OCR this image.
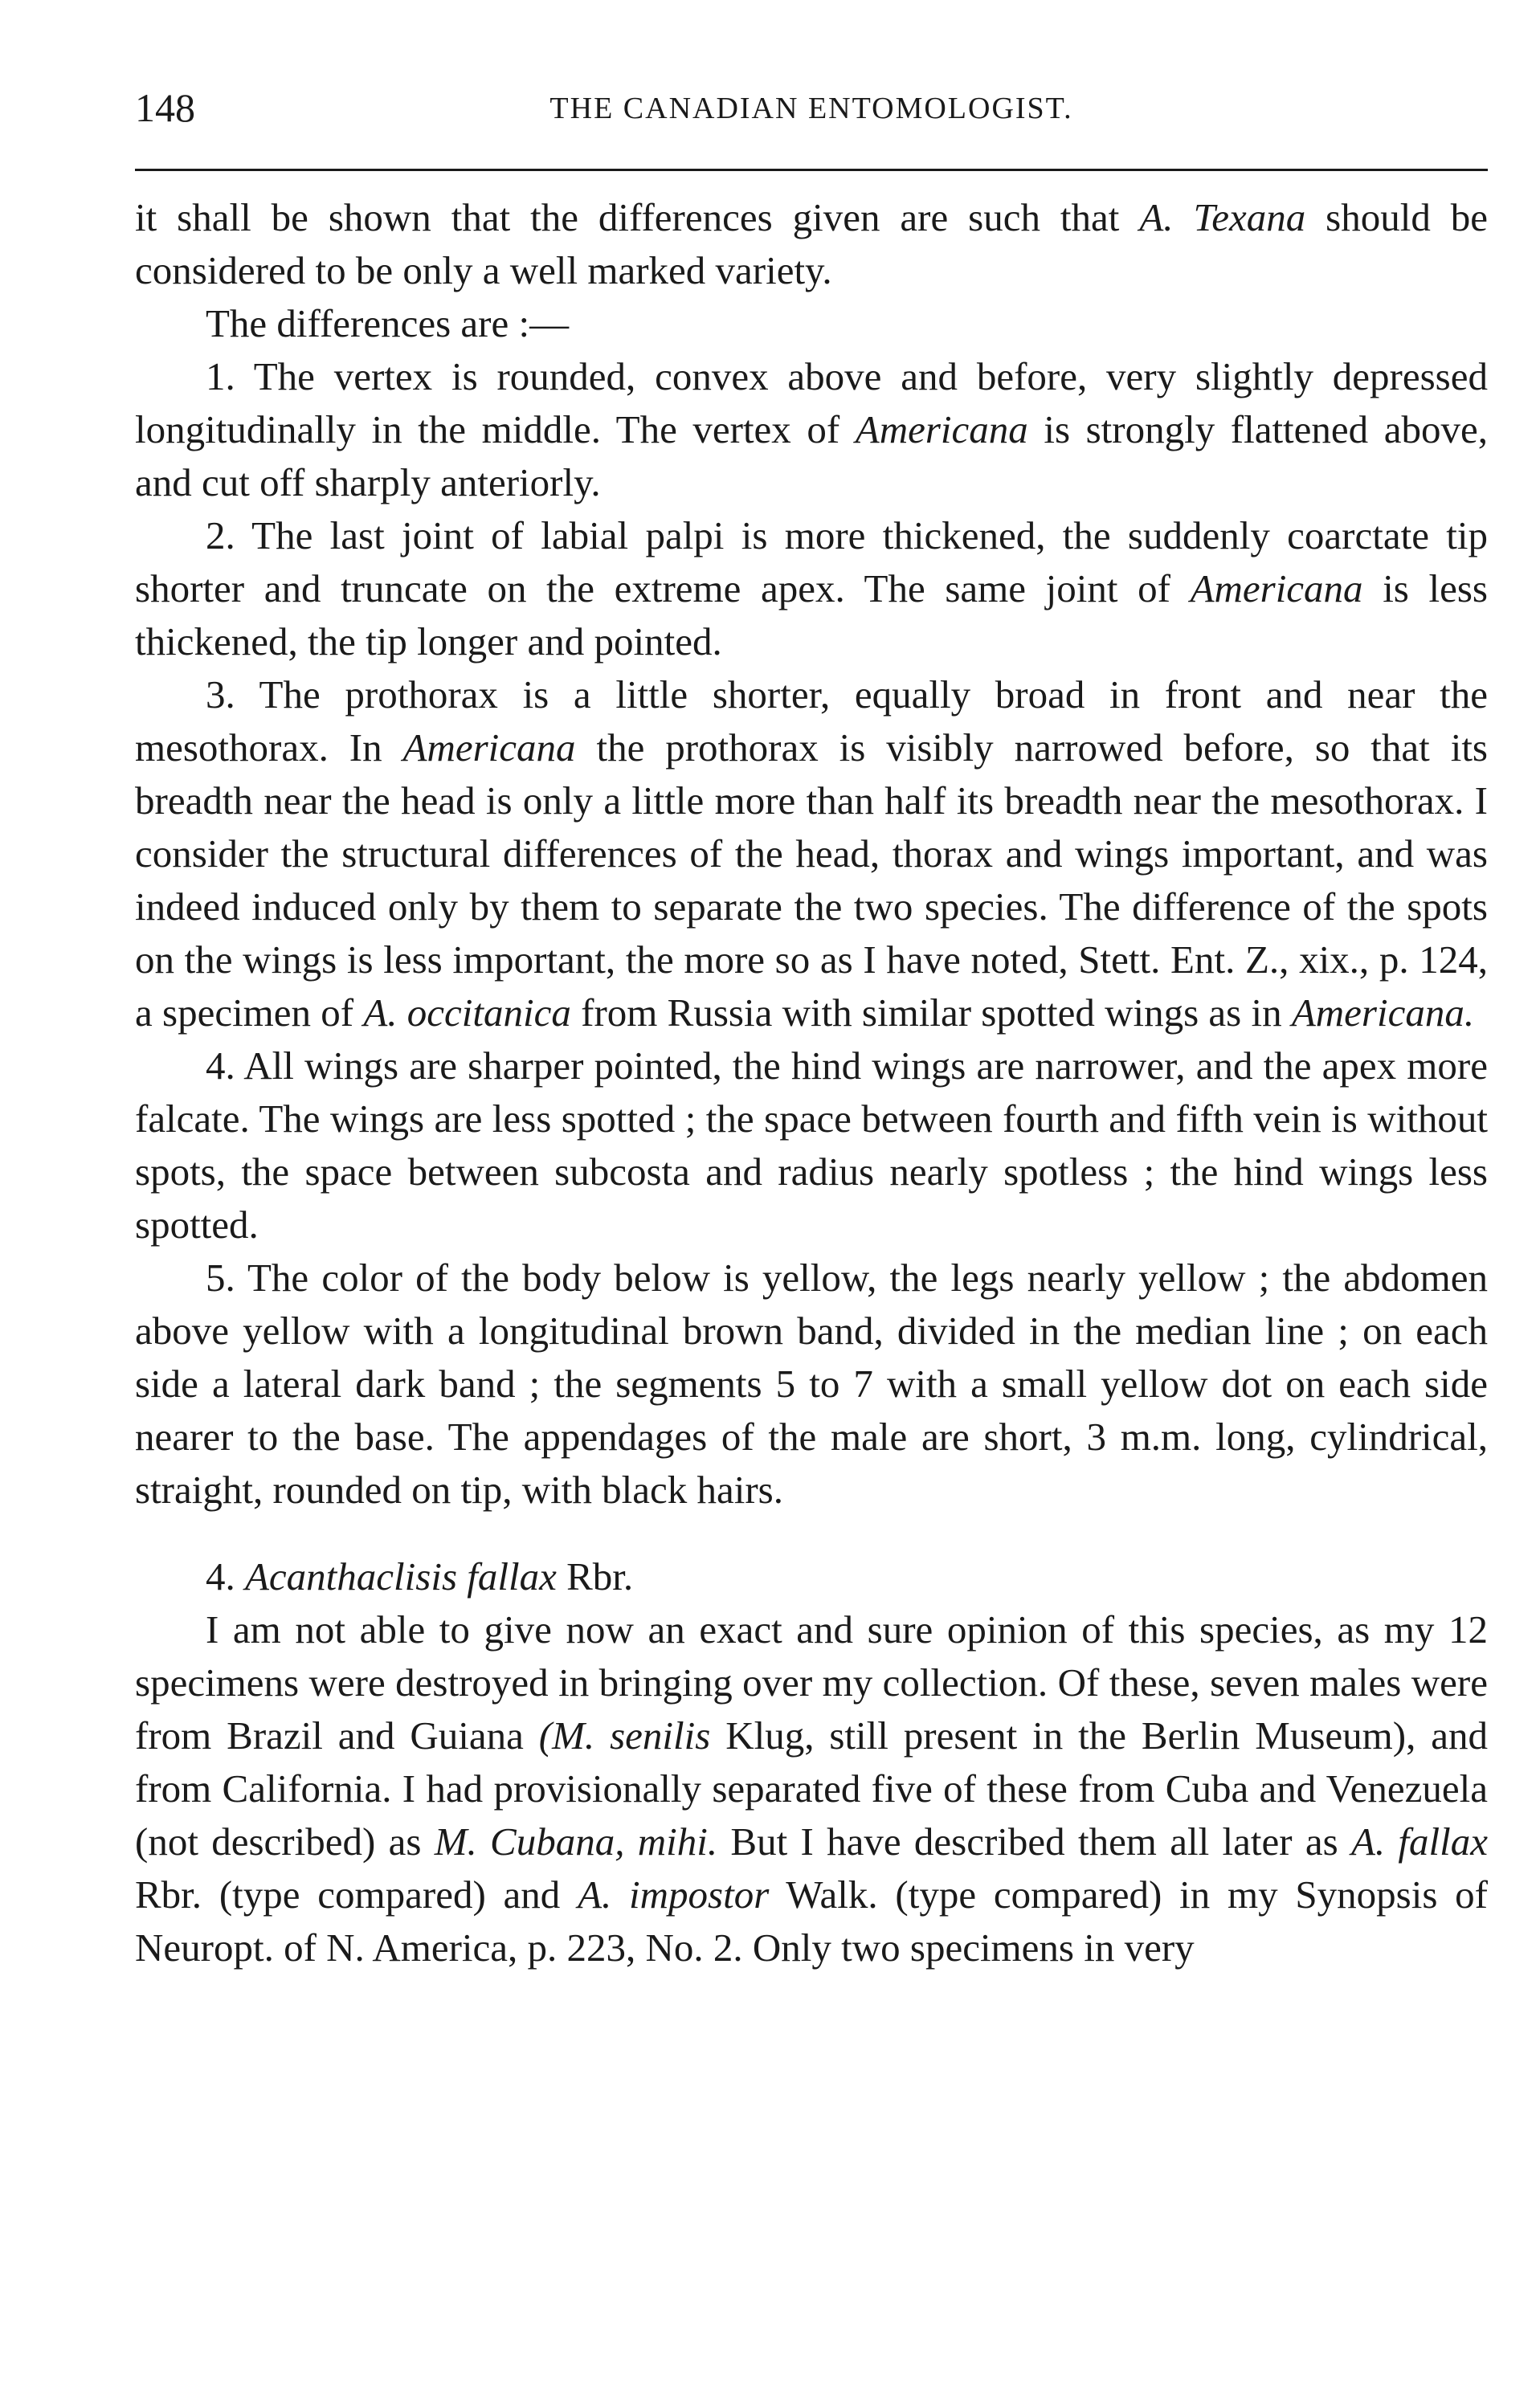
148	THE CANADIAN ENTOMOLOGIST.

it shall be shown that the differences given are such that A. Texana should be considered to be only a well marked variety.

The differences are :—

1. The vertex is rounded, convex above and before, very slightly depressed longitudinally in the middle. The vertex of Americana is strongly flattened above, and cut off sharply anteriorly.

2. The last joint of labial palpi is more thickened, the suddenly coarctate tip shorter and truncate on the extreme apex. The same joint of Americana is less thickened, the tip longer and pointed.

3. The prothorax is a little shorter, equally broad in front and near the mesothorax. In Americana the prothorax is visibly narrowed before, so that its breadth near the head is only a little more than half its breadth near the mesothorax. I consider the structural differences of the head, thorax and wings important, and was indeed induced only by them to separate the two species. The difference of the spots on the wings is less important, the more so as I have noted, Stett. Ent. Z., xix., p. 124, a specimen of A. occitanica from Russia with similar spotted wings as in Americana.

4. All wings are sharper pointed, the hind wings are narrower, and the apex more falcate. The wings are less spotted ; the space between fourth and fifth vein is without spots, the space between subcosta and radius nearly spotless ; the hind wings less spotted.

5. The color of the body below is yellow, the legs nearly yellow ; the abdomen above yellow with a longitudinal brown band, divided in the median line ; on each side a lateral dark band ; the segments 5 to 7 with a small yellow dot on each side nearer to the base. The appendages of the male are short, 3 m.m. long, cylindrical, straight, rounded on tip, with black hairs.

4. Acanthaclisis fallax Rbr.

I am not able to give now an exact and sure opinion of this species, as my 12 specimens were destroyed in bringing over my collection. Of these, seven males were from Brazil and Guiana (M. senilis Klug, still present in the Berlin Museum), and from California. I had provisionally separated five of these from Cuba and Venezuela (not described) as M. Cubana, mihi. But I have described them all later as A. fallax Rbr. (type compared) and A. impostor Walk. (type compared) in my Synopsis of Neuropt. of N. America, p. 223, No. 2. Only two specimens in very
